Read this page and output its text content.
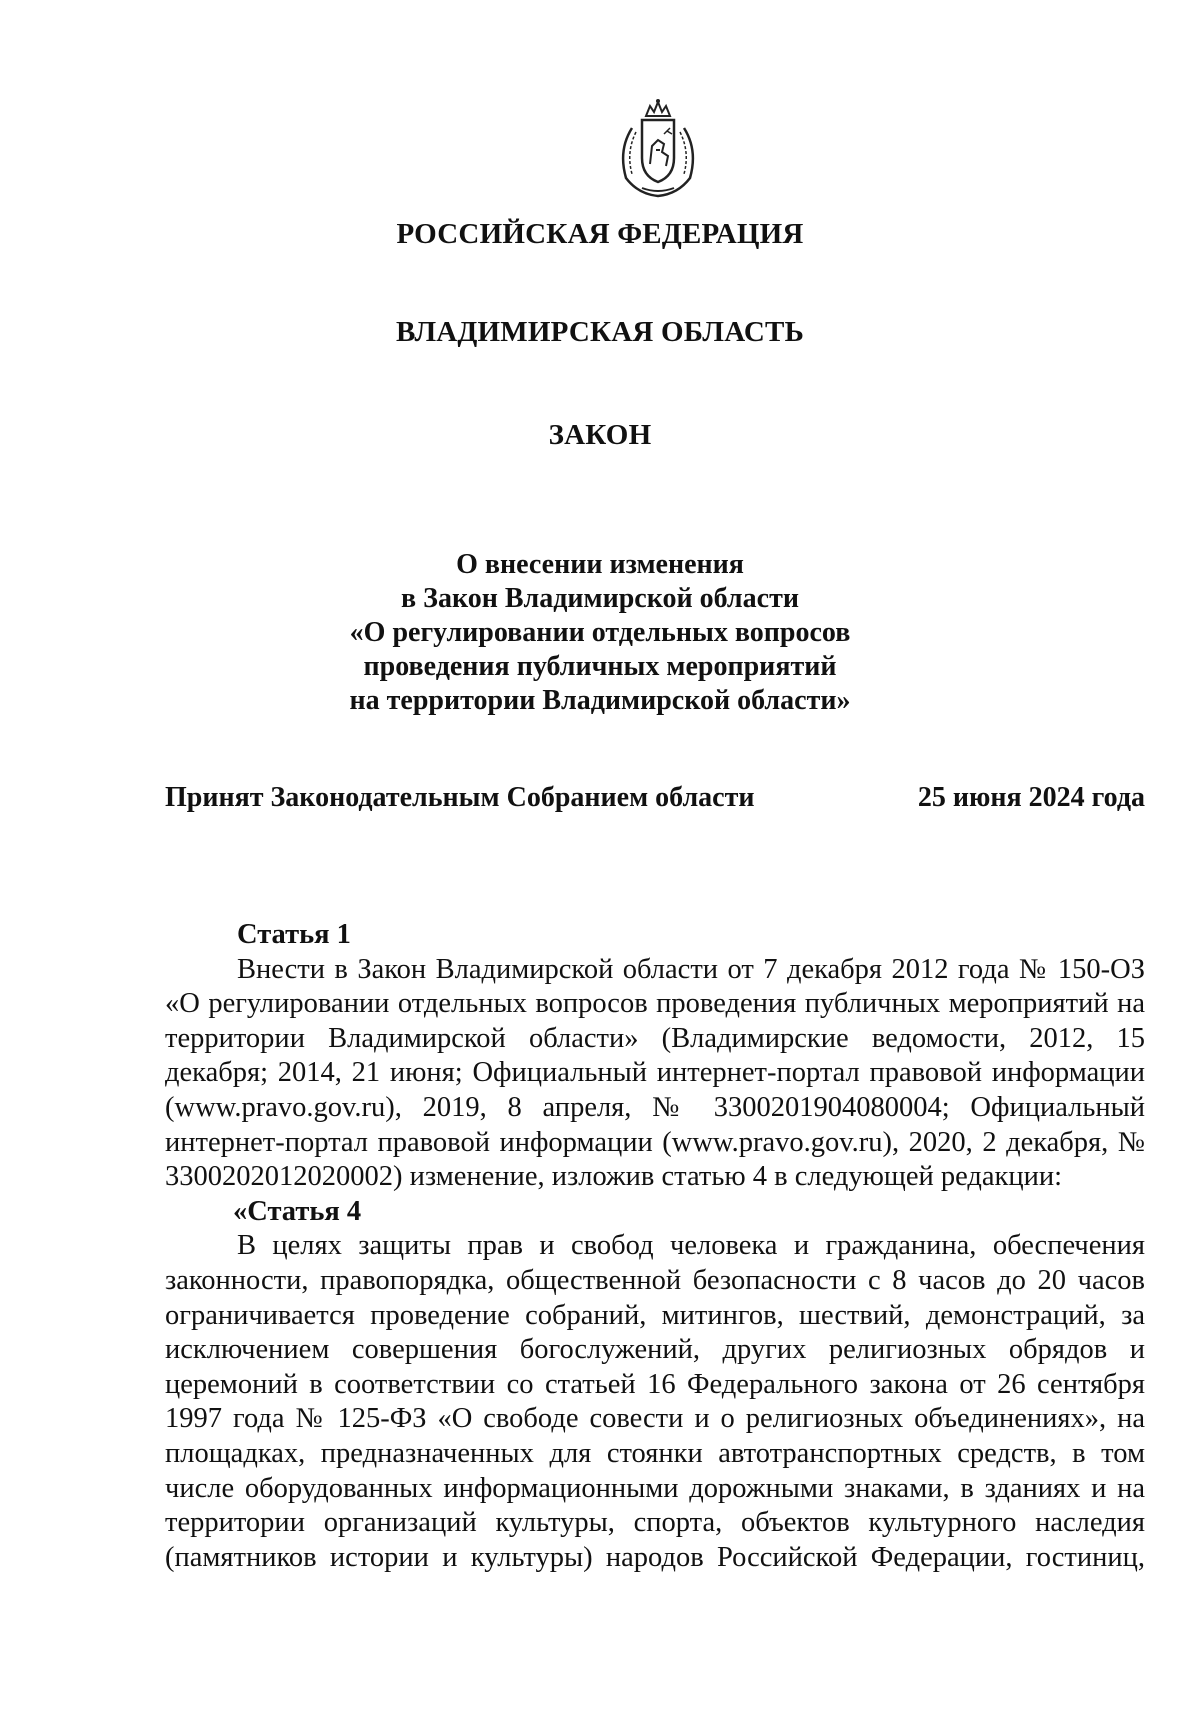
РОССИЙСКАЯ ФЕДЕРАЦИЯ
ВЛАДИМИРСКАЯ ОБЛАСТЬ
ЗАКОН
О внесении изменения
в Закон Владимирской области
«О регулировании отдельных вопросов
проведения публичных мероприятий
на территории Владимирской области»
Принят Законодательным Собранием области	25 июня 2024 года
Статья 1
Внести в Закон Владимирской области от 7 декабря 2012 года № 150-ОЗ «О регулировании отдельных вопросов проведения публичных мероприятий на территории Владимирской области» (Владимирские ведомости, 2012, 15 декабря; 2014, 21 июня; Официальный интернет-портал правовой информации (www.pravo.gov.ru), 2019, 8 апреля, № 3300201904080004; Официальный интернет-портал правовой информации (www.pravo.gov.ru), 2020, 2 декабря, № 3300202012020002) изменение, изложив статью 4 в следующей редакции:
«Статья 4
В целях защиты прав и свобод человека и гражданина, обеспечения законности, правопорядка, общественной безопасности с 8 часов до 20 часов ограничивается проведение собраний, митингов, шествий, демонстраций, за исключением совершения богослужений, других религиозных обрядов и церемоний в соответствии со статьей 16 Федерального закона от 26 сентября 1997 года № 125-ФЗ «О свободе совести и о религиозных объединениях», на площадках, предназначенных для стоянки автотранспортных средств, в том числе оборудованных информационными дорожными знаками, в зданиях и на территории организаций культуры, спорта, объектов культурного наследия (памятников истории и культуры) народов Российской Федерации, гостиниц,
